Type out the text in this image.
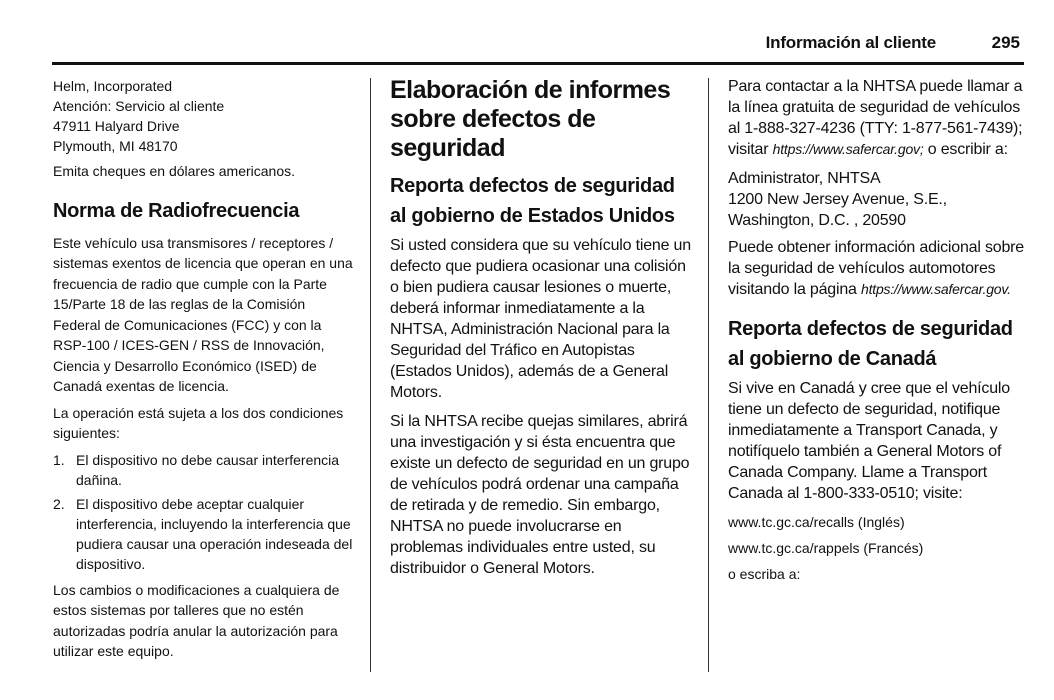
Información al cliente	295
Helm, Incorporated
Atención: Servicio al cliente
47911 Halyard Drive
Plymouth, MI 48170

Emita cheques en dólares americanos.

Norma de Radiofrecuencia

Este vehículo usa transmisores / receptores / sistemas exentos de licencia que operan en una frecuencia de radio que cumple con la Parte 15/Parte 18 de las reglas de la Comisión Federal de Comunicaciones (FCC) y con la RSP-100 / ICES-GEN / RSS de Innovación, Ciencia y Desarrollo Económico (ISED) de Canadá exentas de licencia.

La operación está sujeta a los dos condiciones siguientes:

1. El dispositivo no debe causar interferencia dañina.
2. El dispositivo debe aceptar cualquier interferencia, incluyendo la interferencia que pudiera causar una operación indeseada del dispositivo.

Los cambios o modificaciones a cualquiera de estos sistemas por talleres que no estén autorizadas podría anular la autorización para utilizar este equipo.

Elaboración de informes sobre defectos de seguridad
Reporta defectos de seguridad al gobierno de Estados Unidos

Si usted considera que su vehículo tiene un defecto que pudiera ocasionar una colisión o bien pudiera causar lesiones o muerte, deberá informar inmediatamente a la NHTSA, Administración Nacional para la Seguridad del Tráfico en Autopistas (Estados Unidos), además de a General Motors.

Si la NHTSA recibe quejas similares, abrirá una investigación y si ésta encuentra que existe un defecto de seguridad en un grupo de vehículos podrá ordenar una campaña de retirada y de remedio. Sin embargo, NHTSA no puede involucrarse en problemas individuales entre usted, su distribuidor o General Motors.

Para contactar a la NHTSA puede llamar a la línea gratuita de seguridad de vehículos al 1-888-327-4236 (TTY: 1-877-561-7439); visitar https://www.safercar.gov; o escribir a:

Administrator, NHTSA
1200 New Jersey Avenue, S.E.,
Washington, D.C. , 20590

Puede obtener información adicional sobre la seguridad de vehículos automotores visitando la página https://www.safercar.gov.

Reporta defectos de seguridad al gobierno de Canadá

Si vive en Canadá y cree que el vehículo tiene un defecto de seguridad, notifique inmediatamente a Transport Canada, y notifíquelo también a General Motors of Canada Company. Llame a Transport Canada al 1-800-333-0510; visite:

www.tc.gc.ca/recalls (Inglés)

www.tc.gc.ca/rappels (Francés)

o escriba a:
